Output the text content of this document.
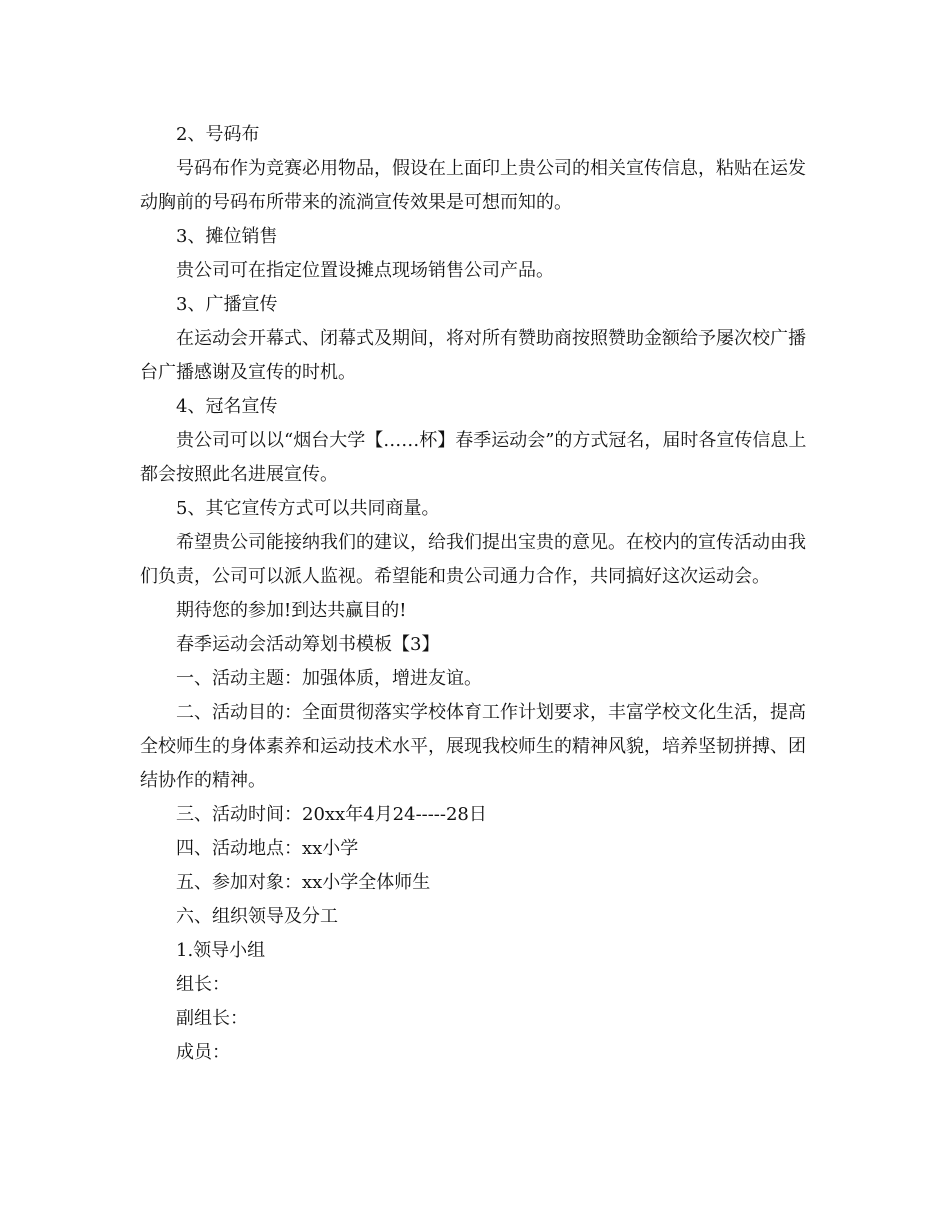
2、号码布

号码布作为竞赛必用物品，假设在上面印上贵公司的相关宣传信息，粘贴在运发动胸前的号码布所带来的流淌宣传效果是可想而知的。

3、摊位销售

贵公司可在指定位置设摊点现场销售公司产品。

3、广播宣传

在运动会开幕式、闭幕式及期间，将对所有赞助商按照赞助金额给予屡次校广播台广播感谢及宣传的时机。

4、冠名宣传

贵公司可以以“烟台大学【……杯】春季运动会”的方式冠名，届时各宣传信息上都会按照此名进展宣传。

5、其它宣传方式可以共同商量。

希望贵公司能接纳我们的建议，给我们提出宝贵的意见。在校内的宣传活动由我们负责，公司可以派人监视。希望能和贵公司通力合作，共同搞好这次运动会。

期待您的参加!到达共赢目的!

春季运动会活动筹划书模板【3】

一、活动主题：加强体质，增进友谊。

二、活动目的：全面贯彻落实学校体育工作计划要求，丰富学校文化生活，提高全校师生的身体素养和运动技术水平，展现我校师生的精神风貌，培养坚韧拼搏、团结协作的精神。

三、活动时间：20xx年4月24-----28日

四、活动地点：xx小学

五、参加对象：xx小学全体师生

六、组织领导及分工

1.领导小组

组长：

副组长：

成员：
